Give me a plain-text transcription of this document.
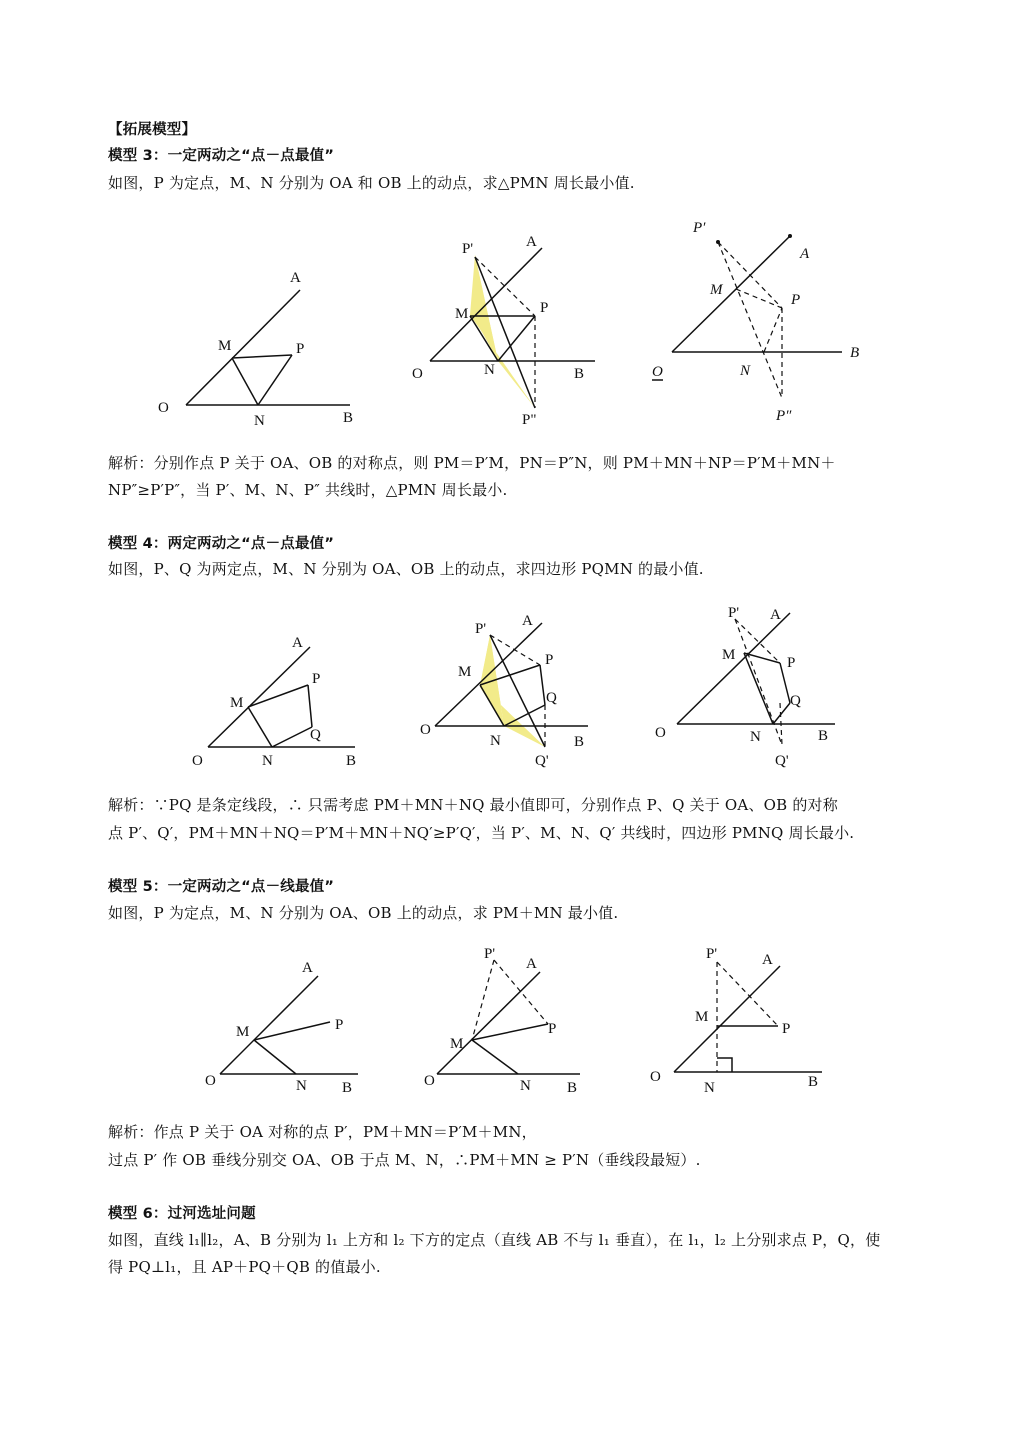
【拓展模型】
模型 3：一定两动之“点－点最值”
如图，P 为定点，M、N 分别为 OA 和 OB 上的动点，求△PMN 周长最小值.
O
A
B
M	P
N
P'	A
P
M
O	N	B
P"
P′
A
M
P
O	N
B
P″
解析：分别作点 P 关于 OA、OB 的对称点，则 PM＝P′M，PN＝P″N，则 PM＋MN＋NP＝P′M＋MN＋
NP″≥P′P″，当 P′、M、N、P″ 共线时，△PMN 周长最小.
模型 4：两定两动之“点－点最值”
如图，P、Q 为两定点，M、N 分别为 OA、OB 上的动点，求四边形 PQMN 的最小值.
O
A
B
M
P
Q
N
P' A
P
M
Q
O
N	B
Q'
P' A
M	P
Q
O	N	B
Q'
解析：∵PQ 是条定线段，∴ 只需考虑 PM＋MN＋NQ 最小值即可，分别作点 P、Q 关于 OA、OB 的对称
点 P′、Q′，PM＋MN＋NQ＝P′M＋MN＋NQ′≥P′Q′，当 P′、M、N、Q′ 共线时，四边形 PMNQ 周长最小.
模型 5：一定两动之“点－线最值”
如图，P 为定点，M、N 分别为 OA、OB 上的动点，求 PM＋MN 最小值.
O
A
M	P
N B
P'
A
M
P
O	N B
P'	A
M
P
O
N	B
解析：作点 P 关于 OA 对称的点 P′，PM＋MN＝P′M＋MN，
过点 P′ 作 OB 垂线分别交 OA、OB 于点 M、N，∴PM＋MN ≥ P′N（垂线段最短）.
模型 6：过河选址问题
如图，直线 l₁∥l₂，A、B 分别为 l₁ 上方和 l₂ 下方的定点（直线 AB 不与 l₁ 垂直），在 l₁，l₂ 上分别求点 P，Q，使
得 PQ⊥l₁，且 AP＋PQ＋QB 的值最小.
